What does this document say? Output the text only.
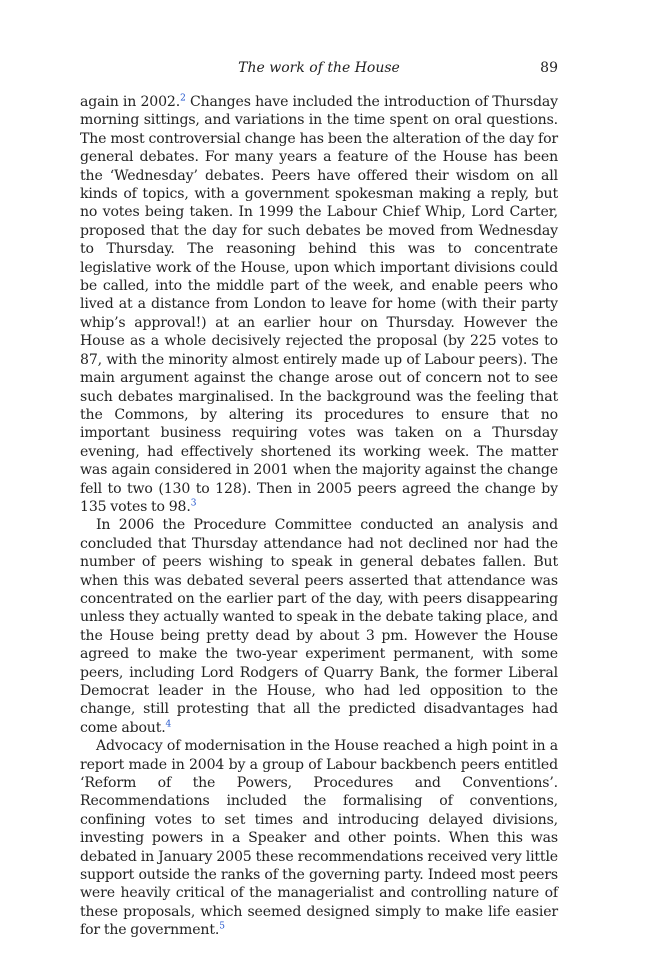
The work of the House	89

again in 2002.$^2$ Changes have included the introduction of Thursday morning sittings, and variations in the time spent on oral questions. The most controversial change has been the alteration of the day for general debates. For many years a feature of the House has been the ‘Wednesday’ debates. Peers have offered their wisdom on all kinds of topics, with a government spokesman making a reply, but no votes being taken. In 1999 the Labour Chief Whip, Lord Carter, proposed that the day for such debates be moved from Wednesday to Thursday. The reasoning behind this was to concentrate legislative work of the House, upon which important divisions could be called, into the middle part of the week, and enable peers who lived at a distance from London to leave for home (with their party whip’s approval!) at an earlier hour on Thursday. However the House as a whole decisively rejected the proposal (by 225 votes to 87, with the minority almost entirely made up of Labour peers). The main argument against the change arose out of concern not to see such debates marginalised. In the background was the feeling that the Commons, by altering its procedures to ensure that no important business requiring votes was taken on a Thursday evening, had effectively shortened its working week. The matter was again considered in 2001 when the majority against the change fell to two (130 to 128). Then in 2005 peers agreed the change by 135 votes to 98.$^3$

In 2006 the Procedure Committee conducted an analysis and concluded that Thursday attendance had not declined nor had the number of peers wishing to speak in general debates fallen. But when this was debated several peers asserted that attendance was concentrated on the earlier part of the day, with peers disappearing unless they actually wanted to speak in the debate taking place, and the House being pretty dead by about 3 pm. However the House agreed to make the two-year experiment permanent, with some peers, including Lord Rodgers of Quarry Bank, the former Liberal Democrat leader in the House, who had led opposition to the change, still protesting that all the predicted disadvantages had come about.$^4$

Advocacy of modernisation in the House reached a high point in a report made in 2004 by a group of Labour backbench peers entitled ‘Reform of the Powers, Procedures and Conventions’. Recommendations included the formalising of conventions, confining votes to set times and introducing delayed divisions, investing powers in a Speaker and other points. When this was debated in January 2005 these recommendations received very little support outside the ranks of the governing party. Indeed most peers were heavily critical of the managerialist and controlling nature of these proposals, which seemed designed simply to make life easier for the government.$^5$
